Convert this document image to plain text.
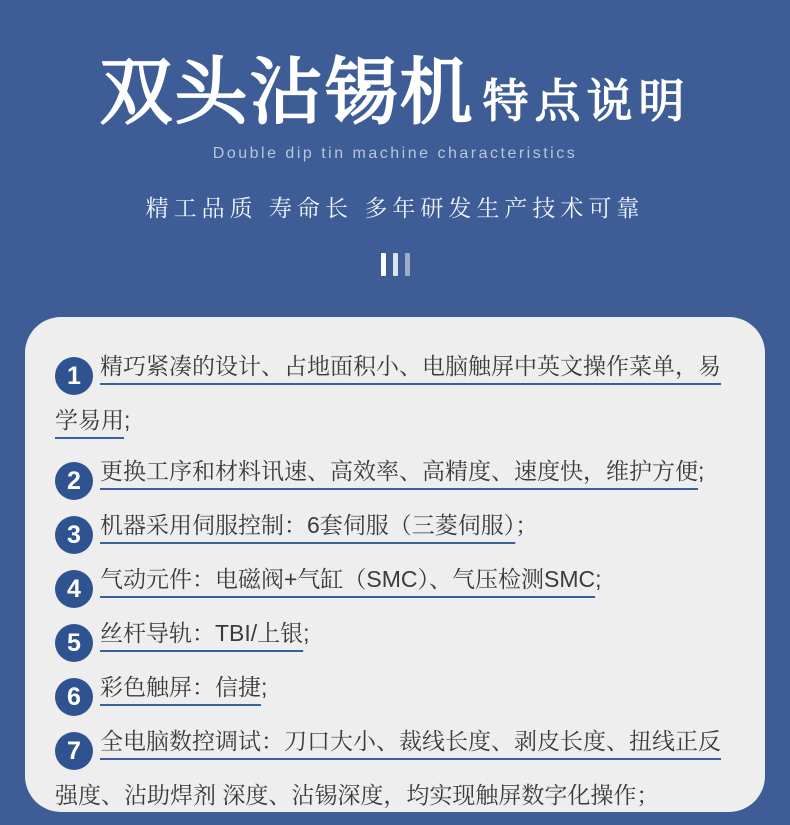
双头沾锡机 特点说明
Double dip tin machine characteristics
精工品质 寿命长 多年研发生产技术可靠
1 精巧紧凑的设计、占地面积小、电脑触屏中英文操作菜单，易学易用;
2 更换工序和材料讯速、高效率、高精度、速度快，维护方便;
3 机器采用伺服控制：6套伺服（三菱伺服）；
4 气动元件：电磁阀+气缸（SMC）、气压检测SMC;
5 丝杆导轨：TBI/上银;
6 彩色触屏：信捷;
7 全电脑数控调试：刀口大小、裁线长度、剥皮长度、扭线正反强度、沾助焊剂 深度、沾锡深度，均实现触屏数字化操作；
